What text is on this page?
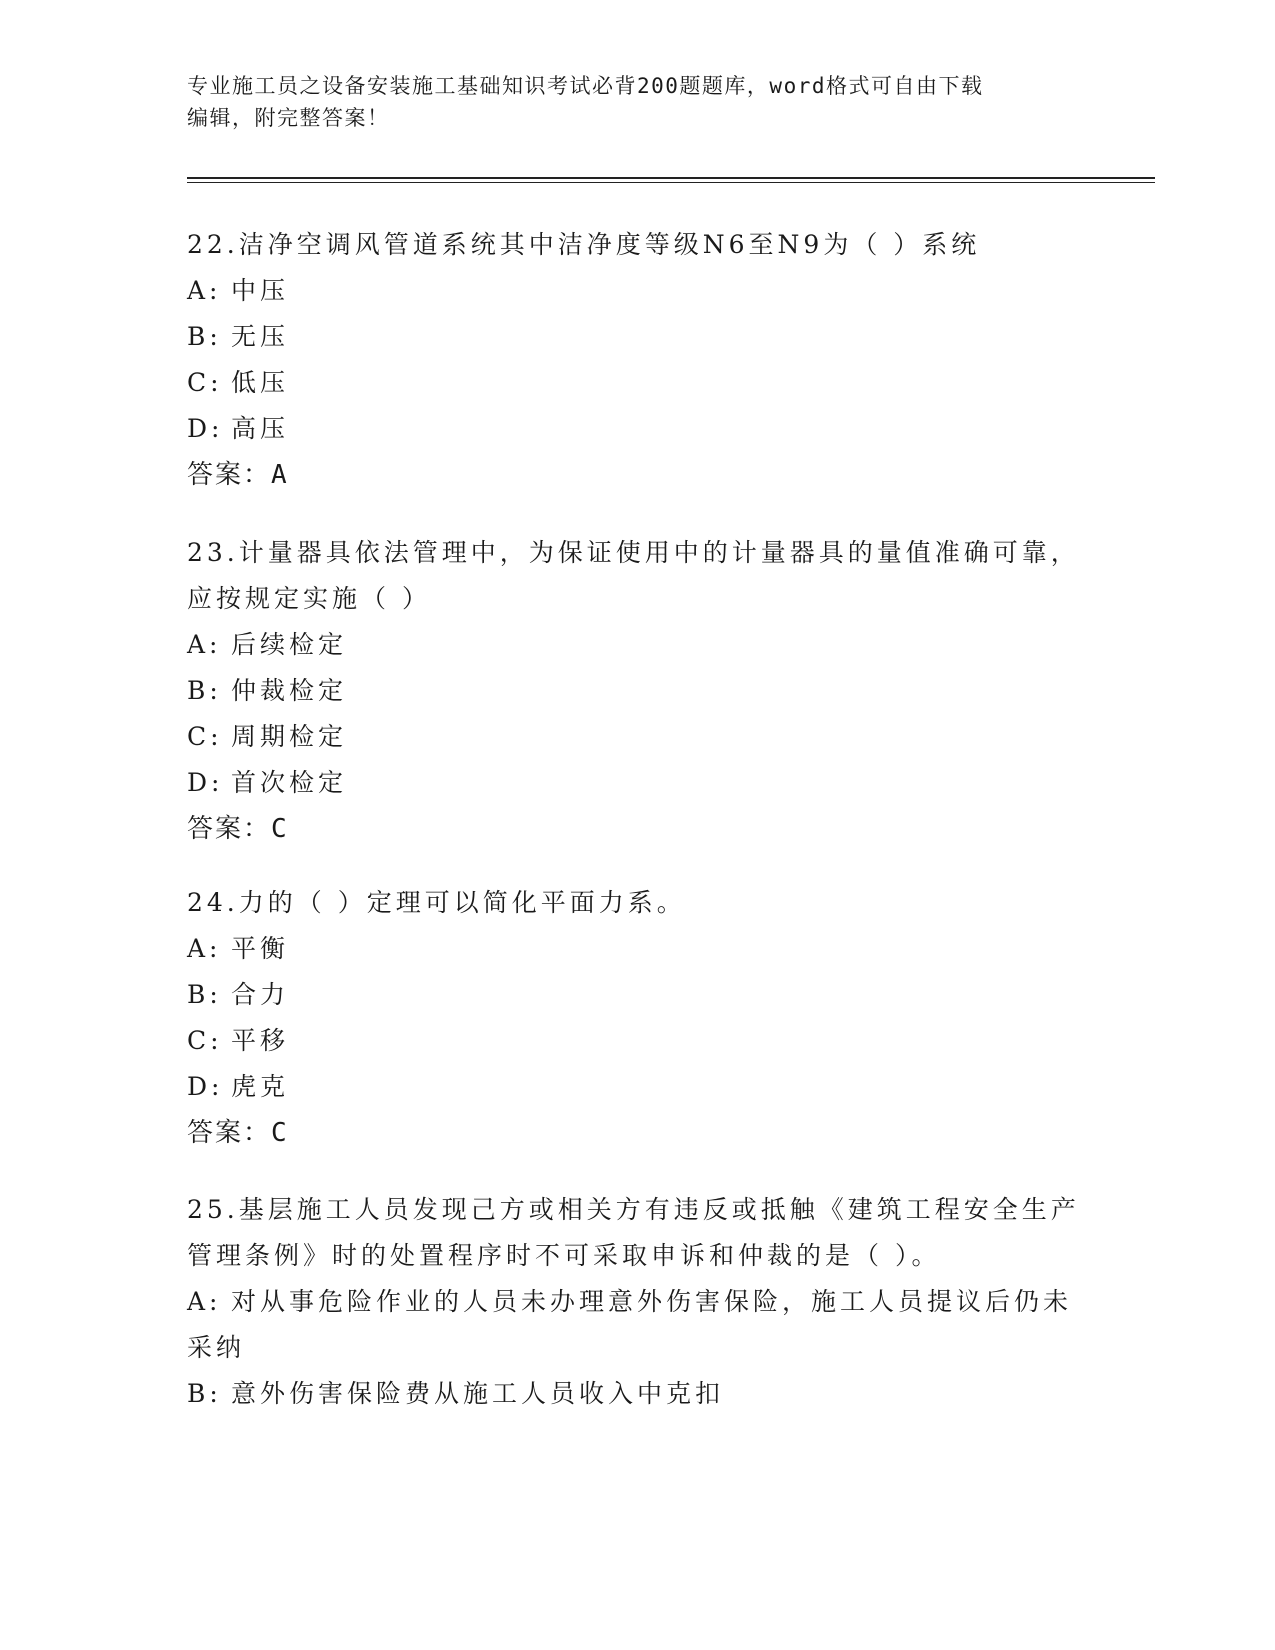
专业施工员之设备安装施工基础知识考试必背200题题库，word格式可自由下载
编辑，附完整答案！
22.洁净空调风管道系统其中洁净度等级N6至N9为（ ）系统
A: 中压
B: 无压
C: 低压
D: 高压
答案：A
23.计量器具依法管理中，为保证使用中的计量器具的量值准确可靠，
应按规定实施（ ）
A: 后续检定
B: 仲裁检定
C: 周期检定
D: 首次检定
答案：C
24.力的（ ）定理可以简化平面力系。
A: 平衡
B: 合力
C: 平移
D: 虎克
答案：C
25.基层施工人员发现己方或相关方有违反或抵触《建筑工程安全生产
管理条例》时的处置程序时不可采取申诉和仲裁的是（ ）。
A: 对从事危险作业的人员未办理意外伤害保险，施工人员提议后仍未
采纳
B: 意外伤害保险费从施工人员收入中克扣
